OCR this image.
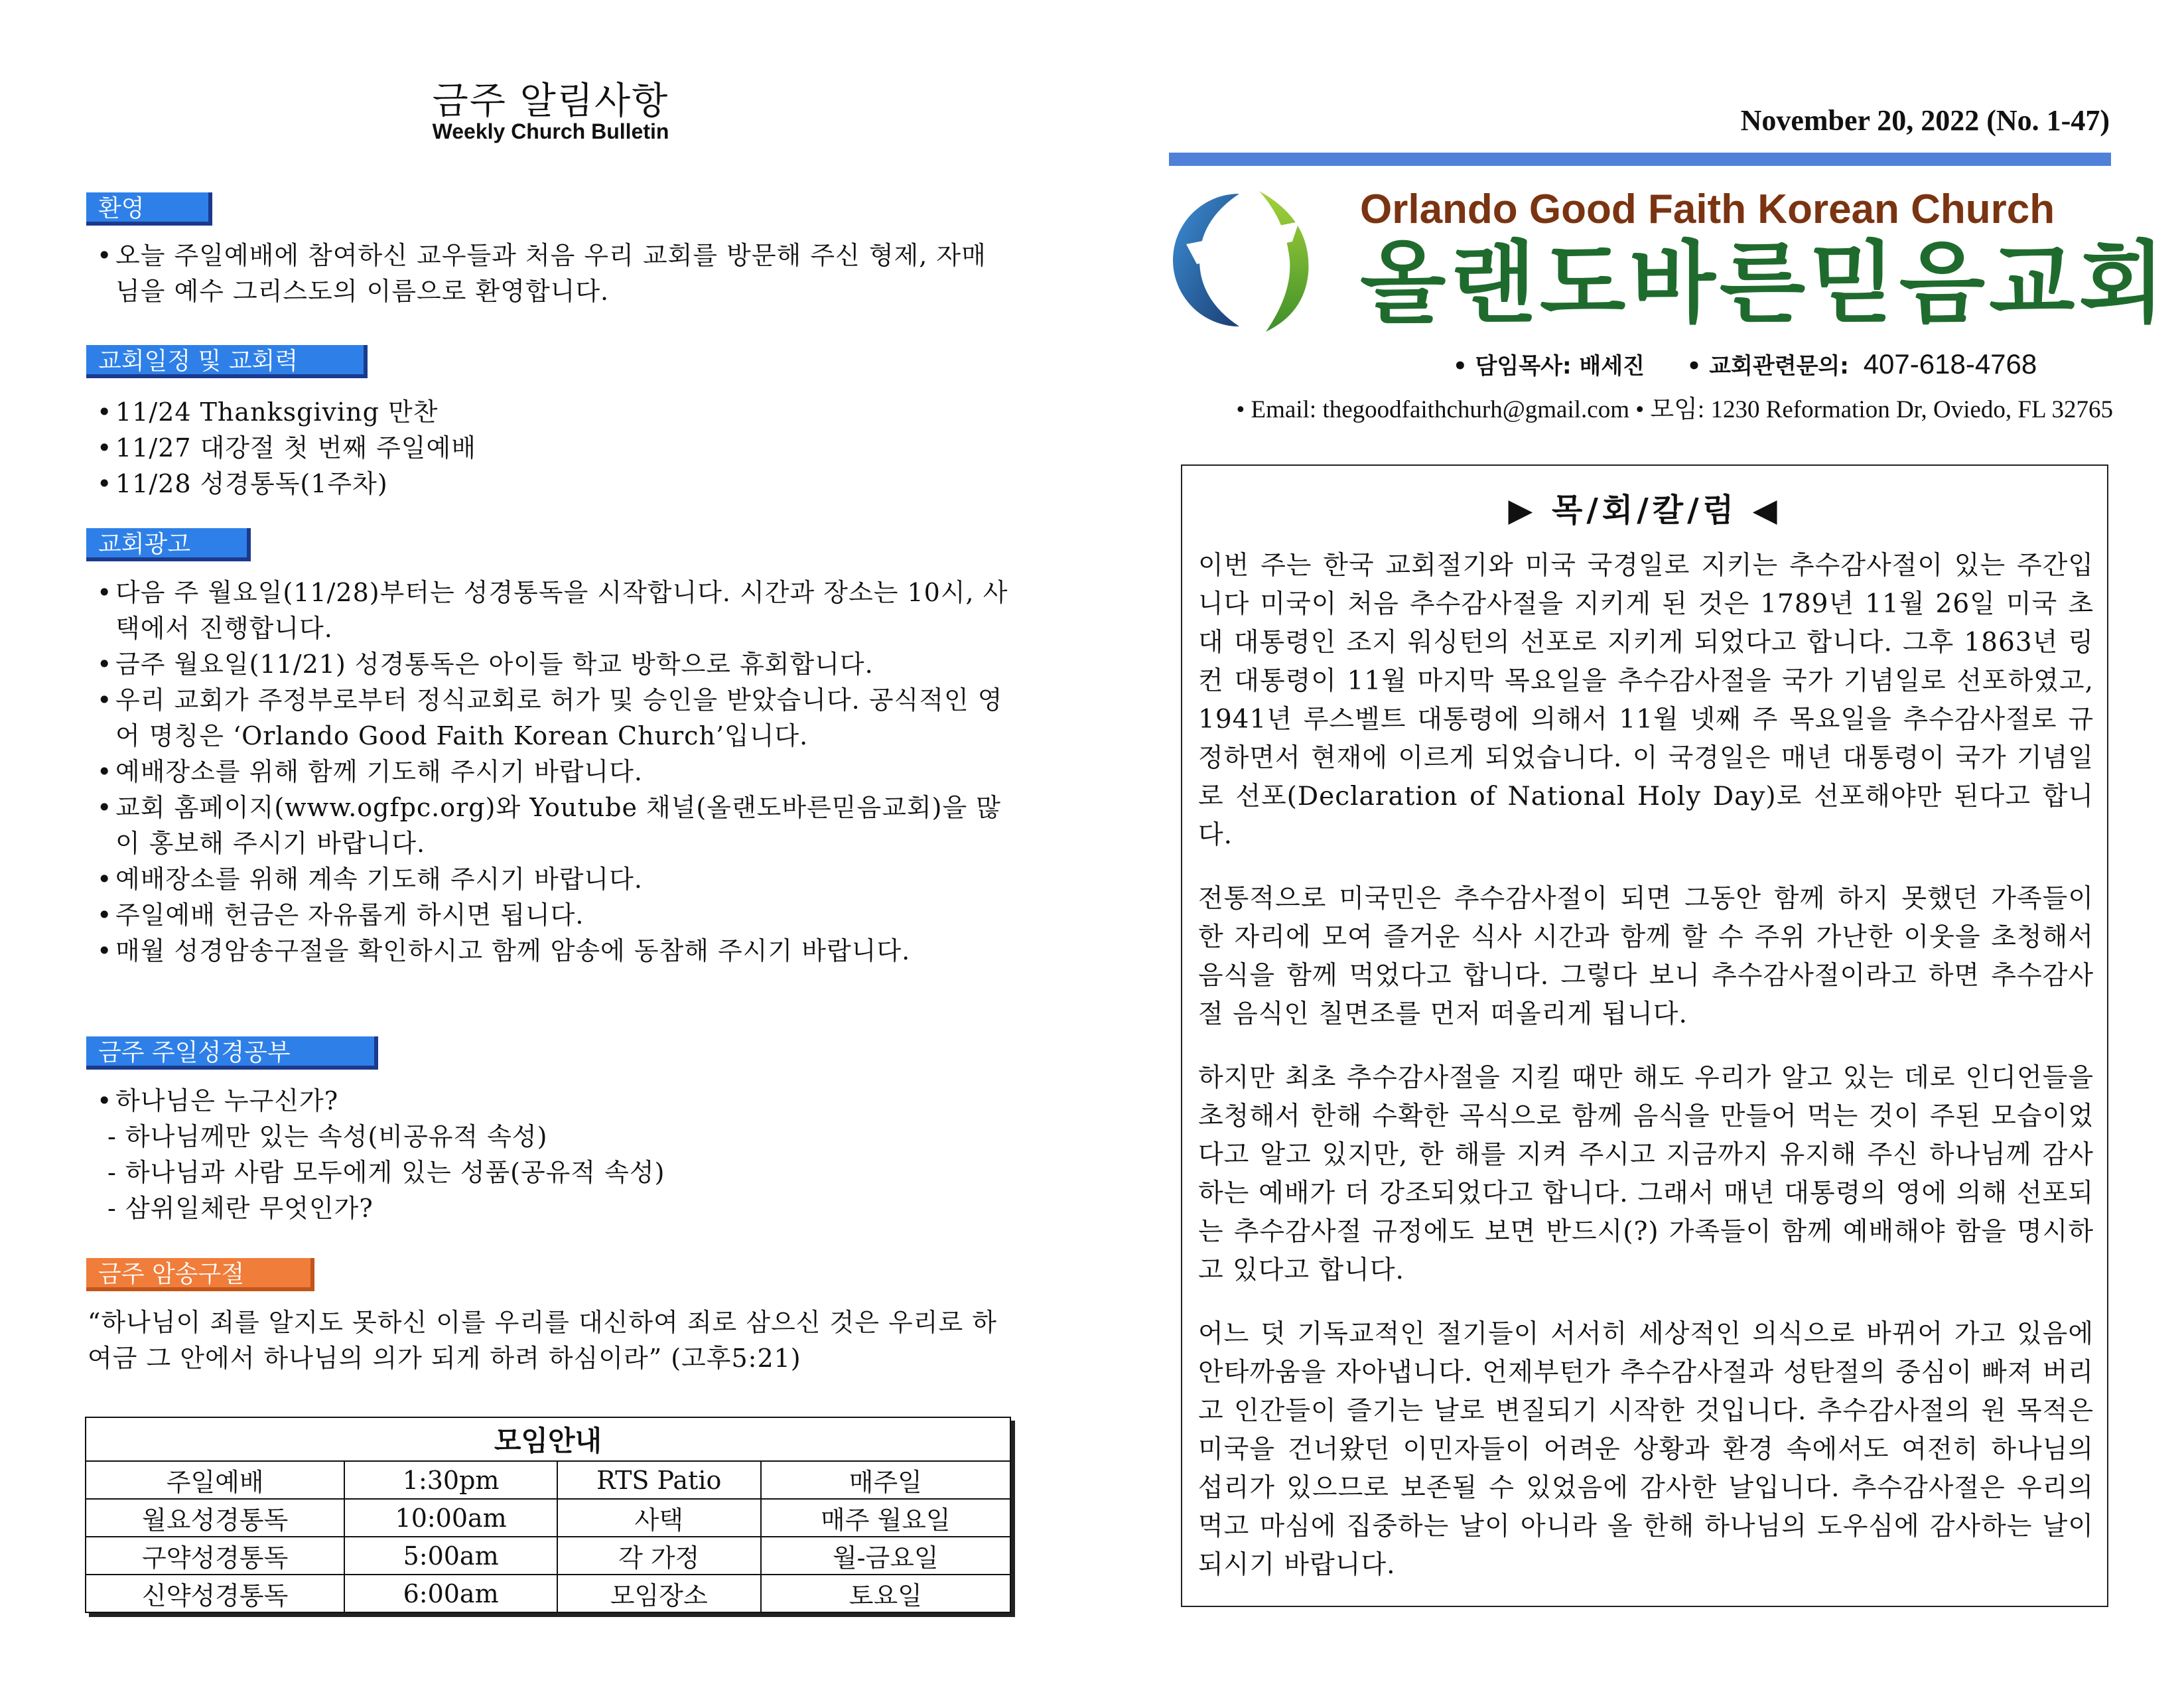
금주 알림사항
Weekly Church Bulletin
환영
• 오늘 주일예배에 참여하신 교우들과 처음 우리 교회를 방문해 주신 형제, 자매님을 예수 그리스도의 이름으로 환영합니다.
교회일정 및 교회력
• 11/24 Thanksgiving 만찬
• 11/27 대강절 첫 번째 주일예배
• 11/28 성경통독(1주차)
교회광고
• 다음 주 월요일(11/28)부터는 성경통독을 시작합니다. 시간과 장소는 10시, 사택에서 진행합니다.
• 금주 월요일(11/21) 성경통독은 아이들 학교 방학으로 휴회합니다.
• 우리 교회가 주정부로부터 정식교회로 허가 및 승인을 받았습니다. 공식적인 영어 명칭은 ‘Orlando Good Faith Korean Church’입니다.
• 예배장소를 위해 함께 기도해 주시기 바랍니다.
• 교회 홈페이지(www.ogfpc.org)와 Youtube 채널(올랜도바른믿음교회)을 많이 홍보해 주시기 바랍니다.
• 예배장소를 위해 계속 기도해 주시기 바랍니다.
• 주일예배 헌금은 자유롭게 하시면 됩니다.
• 매월 성경암송구절을 확인하시고 함께 암송에 동참해 주시기 바랍니다.
금주 주일성경공부
• 하나님은 누구신가?
- 하나님께만 있는 속성(비공유적 속성)
- 하나님과 사람 모두에게 있는 성품(공유적 속성)
- 삼위일체란 무엇인가?
금주 암송구절
“하나님이 죄를 알지도 못하신 이를 우리를 대신하여 죄로 삼으신 것은 우리로 하여금 그 안에서 하나님의 의가 되게 하려 하심이라” (고후5:21)
모임안내			
주일예배	1:30pm	RTS Patio	매주일
월요성경통독	10:00am	사택	매주 월요일
구약성경통독	5:00am	각 가정	월-금요일
신약성경통독	6:00am	모임장소	토요일
November 20, 2022 (No. 1-47)
Orlando Good Faith Korean Church
올랜도바른믿음교회
• 담임목사: 배세진 • 교회관련문의: 407-618-4768
• Email: thegoodfaithchurh@gmail.com • 모임: 1230 Reformation Dr, Oviedo, FL 32765
▶ 목/회/칼/럼 ◀
이번 주는 한국 교회절기와 미국 국경일로 지키는 추수감사절이 있는 주간입니다 미국이 처음 추수감사절을 지키게 된 것은 1789년 11월 26일 미국 초대 대통령인 조지 워싱턴의 선포로 지키게 되었다고 합니다. 그후 1863년 링컨 대통령이 11월 마지막 목요일을 추수감사절을 국가 기념일로 선포하였고, 1941년 루스벨트 대통령에 의해서 11월 넷째 주 목요일을 추수감사절로 규정하면서 현재에 이르게 되었습니다. 이 국경일은 매년 대통령이 국가 기념일로 선포(Declaration of National Holy Day)로 선포해야만 된다고 합니다.
전통적으로 미국민은 추수감사절이 되면 그동안 함께 하지 못했던 가족들이 한 자리에 모여 즐거운 식사 시간과 함께 할 수 주위 가난한 이웃을 초청해서 음식을 함께 먹었다고 합니다. 그렇다 보니 추수감사절이라고 하면 추수감사절 음식인 칠면조를 먼저 떠올리게 됩니다.
하지만 최초 추수감사절을 지킬 때만 해도 우리가 알고 있는 데로 인디언들을 초청해서 한해 수확한 곡식으로 함께 음식을 만들어 먹는 것이 주된 모습이었다고 알고 있지만, 한 해를 지켜 주시고 지금까지 유지해 주신 하나님께 감사하는 예배가 더 강조되었다고 합니다. 그래서 매년 대통령의 영에 의해 선포되는 추수감사절 규정에도 보면 반드시(?) 가족들이 함께 예배해야 함을 명시하고 있다고 합니다.
어느 덧 기독교적인 절기들이 서서히 세상적인 의식으로 바뀌어 가고 있음에 안타까움을 자아냅니다. 언제부턴가 추수감사절과 성탄절의 중심이 빠져 버리고 인간들이 즐기는 날로 변질되기 시작한 것입니다. 추수감사절의 원 목적은 미국을 건너왔던 이민자들이 어려운 상황과 환경 속에서도 여전히 하나님의 섭리가 있으므로 보존될 수 있었음에 감사한 날입니다. 추수감사절은 우리의 먹고 마심에 집중하는 날이 아니라 올 한해 하나님의 도우심에 감사하는 날이 되시기 바랍니다.
